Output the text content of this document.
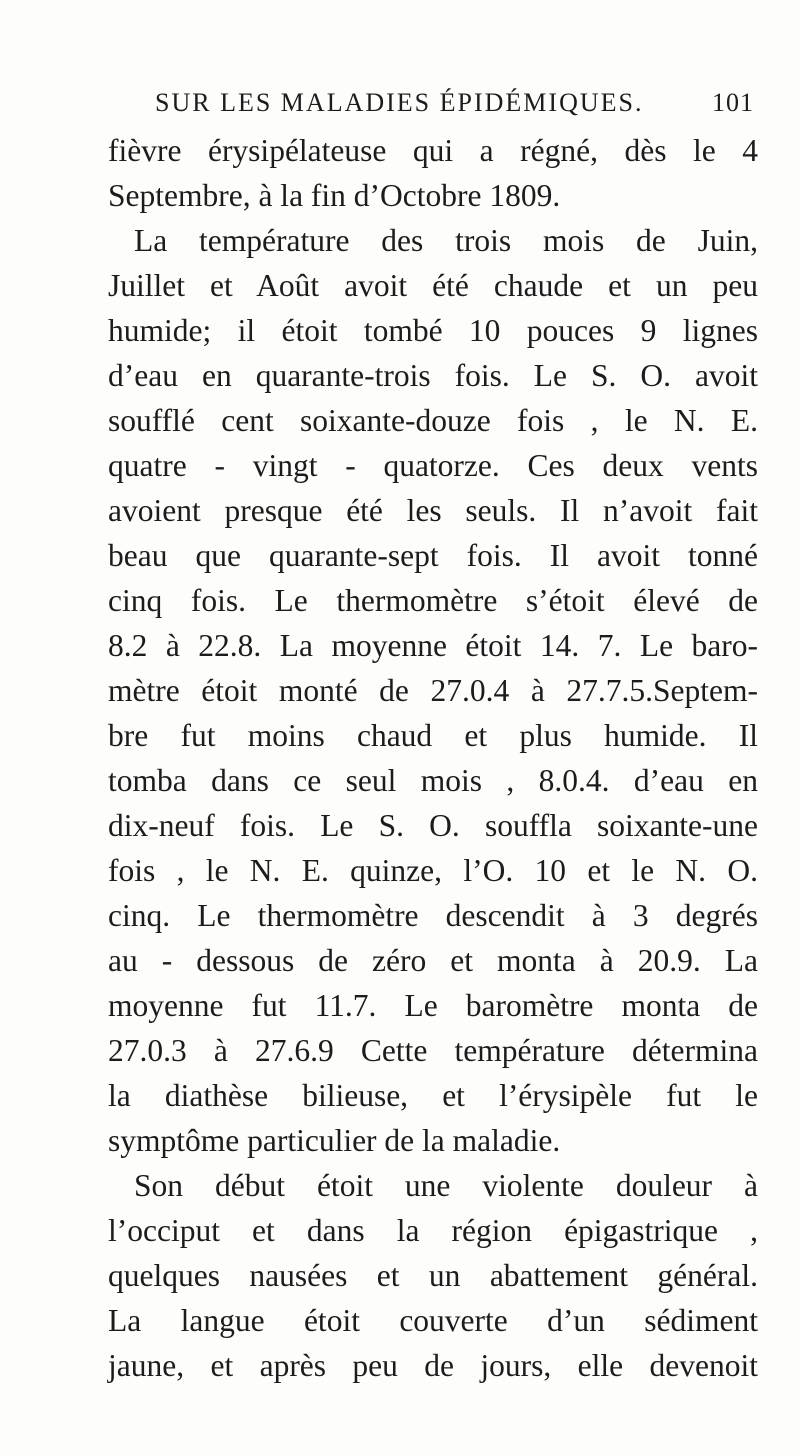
SUR LES MALADIES ÉPIDÉMIQUES.	101
fièvre érysipélateuse qui a régné, dès le 4
Septembre, à la fin d’Octobre 1809.
La température des trois mois de Juin,
Juillet et Août avoit été chaude et un peu
humide; il étoit tombé 10 pouces 9 lignes
d’eau en quarante-trois fois. Le S. O. avoit
soufflé cent soixante-douze fois , le N. E.
quatre - vingt - quatorze. Ces deux vents
avoient presque été les seuls. Il n’avoit fait
beau que quarante-sept fois. Il avoit tonné
cinq fois. Le thermomètre s’étoit élevé de
8.2 à 22.8. La moyenne étoit 14. 7. Le baro-
mètre étoit monté de 27.0.4 à 27.7.5.Septem-
bre fut moins chaud et plus humide. Il
tomba dans ce seul mois , 8.0.4. d’eau en
dix-neuf fois. Le S. O. souffla soixante-une
fois , le N. E. quinze, l’O. 10 et le N. O.
cinq. Le thermomètre descendit à 3 degrés
au - dessous de zéro et monta à 20.9. La
moyenne fut 11.7. Le baromètre monta de
27.0.3 à 27.6.9 Cette température détermina
la diathèse bilieuse, et l’érysipèle fut le
symptôme particulier de la maladie.
Son début étoit une violente douleur à
l’occiput et dans la région épigastrique ,
quelques nausées et un abattement général.
La langue étoit couverte d’un sédiment
jaune, et après peu de jours, elle devenoit
